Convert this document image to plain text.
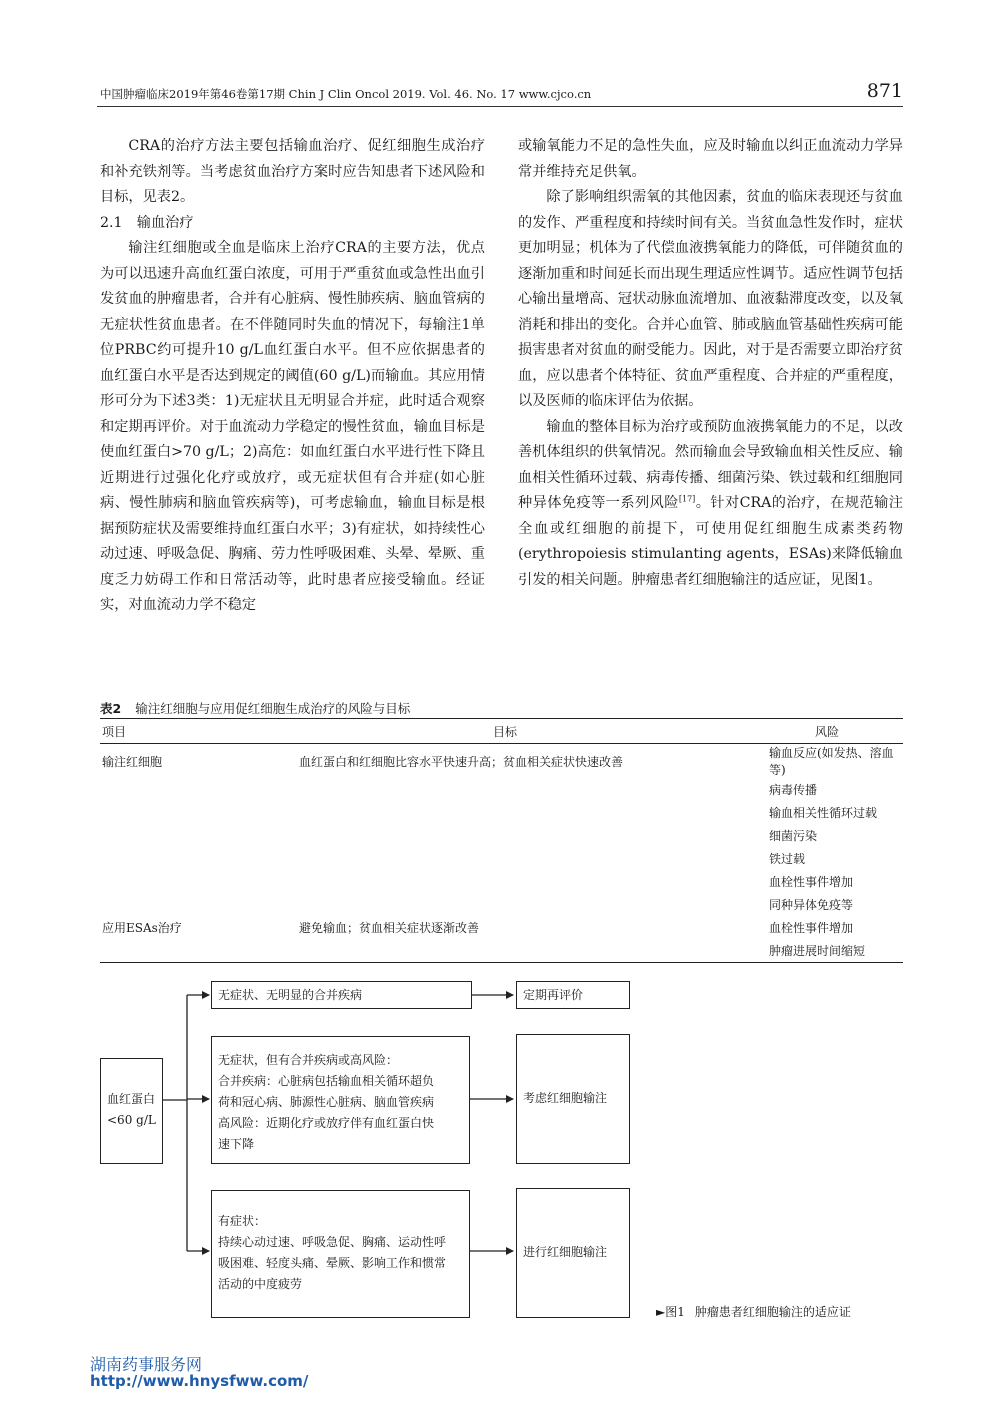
中国肿瘤临床2019年第46卷第17期 Chin J Clin Oncol 2019. Vol. 46. No. 17 www.cjco.cn	871

CRA的治疗方法主要包括输血治疗、促红细胞生成治疗和补充铁剂等。当考虑贫血治疗方案时应告知患者下述风险和目标，见表2。

2.1　输血治疗

输注红细胞或全血是临床上治疗CRA的主要方法，优点为可以迅速升高血红蛋白浓度，可用于严重贫血或急性出血引发贫血的肿瘤患者，合并有心脏病、慢性肺疾病、脑血管病的无症状性贫血患者。在不伴随同时失血的情况下，每输注1单位PRBC约可提升10 g/L血红蛋白水平。但不应依据患者的血红蛋白水平是否达到规定的阈值(60 g/L)而输血。其应用情形可分为下述3类：1)无症状且无明显合并症，此时适合观察和定期再评价。对于血流动力学稳定的慢性贫血，输血目标是使血红蛋白>70 g/L；2)高危：如血红蛋白水平进行性下降且近期进行过强化化疗或放疗，或无症状但有合并症(如心脏病、慢性肺病和脑血管疾病等)，可考虑输血，输血目标是根据预防症状及需要维持血红蛋白水平；3)有症状，如持续性心动过速、呼吸急促、胸痛、劳力性呼吸困难、头晕、晕厥、重度乏力妨碍工作和日常活动等，此时患者应接受输血。经证实，对血流动力学不稳定

或输氧能力不足的急性失血，应及时输血以纠正血流动力学异常并维持充足供氧。

除了影响组织需氧的其他因素，贫血的临床表现还与贫血的发作、严重程度和持续时间有关。当贫血急性发作时，症状更加明显；机体为了代偿血液携氧能力的降低，可伴随贫血的逐渐加重和时间延长而出现生理适应性调节。适应性调节包括心输出量增高、冠状动脉血流增加、血液黏滞度改变，以及氧消耗和排出的变化。合并心血管、肺或脑血管基础性疾病可能损害患者对贫血的耐受能力。因此，对于是否需要立即治疗贫血，应以患者个体特征、贫血严重程度、合并症的严重程度，以及医师的临床评估为依据。

输血的整体目标为治疗或预防血液携氧能力的不足，以改善机体组织的供氧情况。然而输血会导致输血相关性反应、输血相关性循环过载、病毒传播、细菌污染、铁过载和红细胞同种异体免疫等一系列风险[17]。针对CRA的治疗，在规范输注全血或红细胞的前提下，可使用促红细胞生成素类药物(erythropoiesis stimulanting agents，ESAs)来降低输血引发的相关问题。肿瘤患者红细胞输注的适应证，见图1。

表2 输注红细胞与应用促红细胞生成治疗的风险与目标
项目	目标	风险
输注红细胞	血红蛋白和红细胞比容水平快速升高；贫血相关症状快速改善	输血反应(如发热、溶血等)
		病毒传播
		输血相关性循环过载
		细菌污染
		铁过载
		血栓性事件增加
		同种异体免疫等
应用ESAs治疗	避免输血；贫血相关症状逐渐改善	血栓性事件增加
		肿瘤进展时间缩短
血红蛋白
<60 g/L
无症状、无明显的合并疾病
无症状，但有合并疾病或高风险：
合并疾病：心脏病包括输血相关循环超负
荷和冠心病、肺源性心脏病、脑血管疾病
高风险：近期化疗或放疗伴有血红蛋白快
速下降
有症状：
持续心动过速、呼吸急促、胸痛、运动性呼
吸困难、轻度头痛、晕厥、影响工作和惯常
活动的中度疲劳
定期再评价
考虑红细胞输注
进行红细胞输注
►图1 肿瘤患者红细胞输注的适应证
湖南药事服务网
http://www.hnysfww.com/
